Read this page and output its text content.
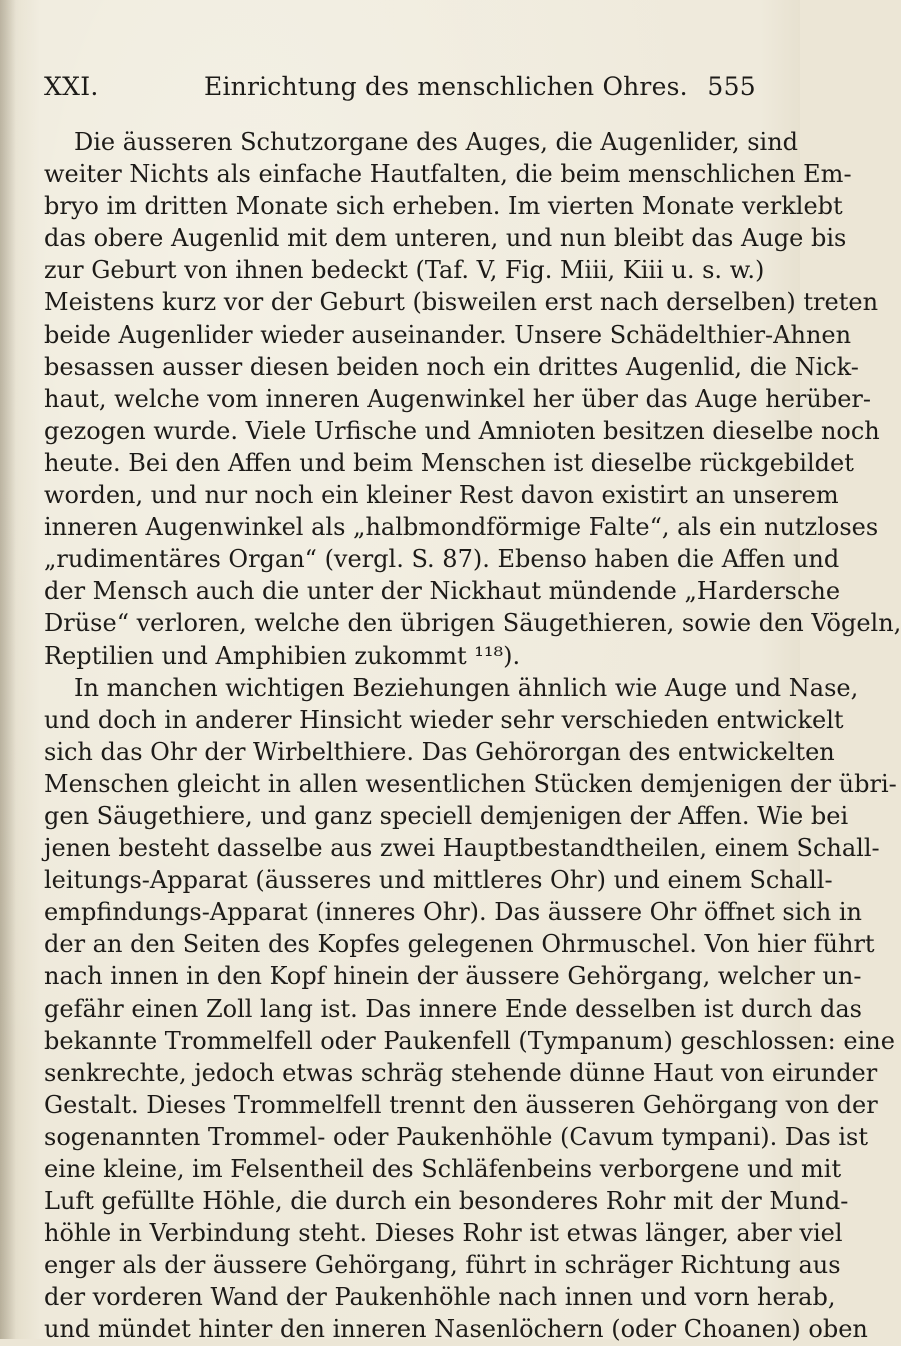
XXI.	Einrichtung des menschlichen Ohres. 555
Die äusseren Schutzorgane des Auges, die Augenlider, sind
weiter Nichts als einfache Hautfalten, die beim menschlichen Em-
bryo im dritten Monate sich erheben. Im vierten Monate verklebt
das obere Augenlid mit dem unteren, und nun bleibt das Auge bis
zur Geburt von ihnen bedeckt (Taf. V, Fig. Miii, Kiii u. s. w.)
Meistens kurz vor der Geburt (bisweilen erst nach derselben) treten
beide Augenlider wieder auseinander. Unsere Schädelthier-Ahnen
besassen ausser diesen beiden noch ein drittes Augenlid, die Nick-
haut, welche vom inneren Augenwinkel her über das Auge herüber-
gezogen wurde. Viele Urfische und Amnioten besitzen dieselbe noch
heute. Bei den Affen und beim Menschen ist dieselbe rückgebildet
worden, und nur noch ein kleiner Rest davon existirt an unserem
inneren Augenwinkel als „halbmondförmige Falte“, als ein nutzloses
„rudimentäres Organ“ (vergl. S. 87). Ebenso haben die Affen und
der Mensch auch die unter der Nickhaut mündende „Hardersche
Drüse“ verloren, welche den übrigen Säugethieren, sowie den Vögeln,
Reptilien und Amphibien zukommt ¹¹⁸).
In manchen wichtigen Beziehungen ähnlich wie Auge und Nase,
und doch in anderer Hinsicht wieder sehr verschieden entwickelt
sich das Ohr der Wirbelthiere. Das Gehörorgan des entwickelten
Menschen gleicht in allen wesentlichen Stücken demjenigen der übri-
gen Säugethiere, und ganz speciell demjenigen der Affen. Wie bei
jenen besteht dasselbe aus zwei Hauptbestandtheilen, einem Schall-
leitungs-Apparat (äusseres und mittleres Ohr) und einem Schall-
empfindungs-Apparat (inneres Ohr). Das äussere Ohr öffnet sich in
der an den Seiten des Kopfes gelegenen Ohrmuschel. Von hier führt
nach innen in den Kopf hinein der äussere Gehörgang, welcher un-
gefähr einen Zoll lang ist. Das innere Ende desselben ist durch das
bekannte Trommelfell oder Paukenfell (Tympanum) geschlossen: eine
senkrechte, jedoch etwas schräg stehende dünne Haut von eirunder
Gestalt. Dieses Trommelfell trennt den äusseren Gehörgang von der
sogenannten Trommel- oder Paukenhöhle (Cavum tympani). Das ist
eine kleine, im Felsentheil des Schläfenbeins verborgene und mit
Luft gefüllte Höhle, die durch ein besonderes Rohr mit der Mund-
höhle in Verbindung steht. Dieses Rohr ist etwas länger, aber viel
enger als der äussere Gehörgang, führt in schräger Richtung aus
der vorderen Wand der Paukenhöhle nach innen und vorn herab,
und mündet hinter den inneren Nasenlöchern (oder Choanen) oben
